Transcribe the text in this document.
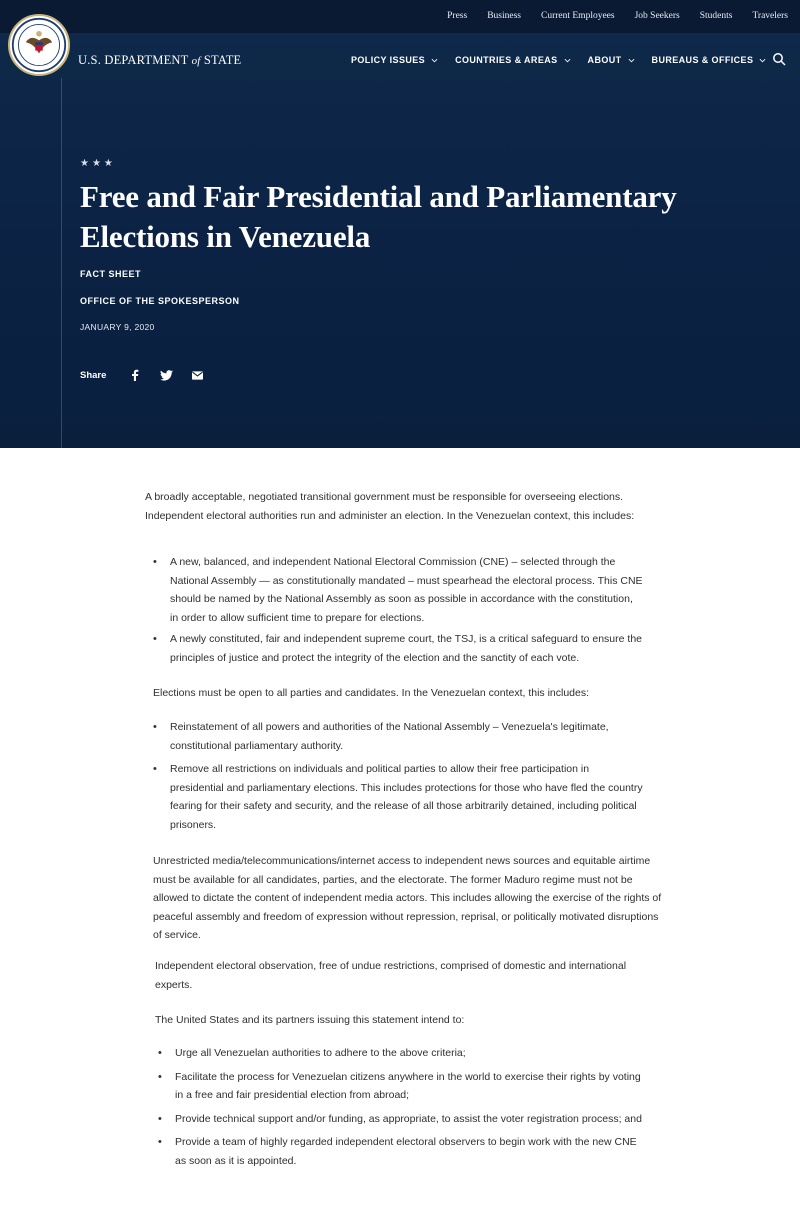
Press Business Current Employees Job Seekers Students Travelers
U.S. DEPARTMENT of STATE	POLICY ISSUES	COUNTRIES & AREAS	ABOUT	BUREAUS & OFFICES
★★★
Free and Fair Presidential and Parliamentary Elections in Venezuela
FACT SHEET
OFFICE OF THE SPOKESPERSON
JANUARY 9, 2020
Share

A broadly acceptable, negotiated transitional government must be responsible for overseeing elections. Independent electoral authorities run and administer an election. In the Venezuelan context, this includes:

• A new, balanced, and independent National Electoral Commission (CNE) – selected through the National Assembly — as constitutionally mandated – must spearhead the electoral process. This CNE should be named by the National Assembly as soon as possible in accordance with the constitution, in order to allow sufficient time to prepare for elections.
• A newly constituted, fair and independent supreme court, the TSJ, is a critical safeguard to ensure the principles of justice and protect the integrity of the election and the sanctity of each vote.

Elections must be open to all parties and candidates. In the Venezuelan context, this includes:

• Reinstatement of all powers and authorities of the National Assembly – Venezuela's legitimate, constitutional parliamentary authority.
• Remove all restrictions on individuals and political parties to allow their free participation in presidential and parliamentary elections. This includes protections for those who have fled the country fearing for their safety and security, and the release of all those arbitrarily detained, including political prisoners.

Unrestricted media/telecommunications/internet access to independent news sources and equitable airtime must be available for all candidates, parties, and the electorate. The former Maduro regime must not be allowed to dictate the content of independent media actors. This includes allowing the exercise of the rights of peaceful assembly and freedom of expression without repression, reprisal, or politically motivated disruptions of service.

Independent electoral observation, free of undue restrictions, comprised of domestic and international experts.

The United States and its partners issuing this statement intend to:

• Urge all Venezuelan authorities to adhere to the above criteria;
• Facilitate the process for Venezuelan citizens anywhere in the world to exercise their rights by voting in a free and fair presidential election from abroad;
• Provide technical support and/or funding, as appropriate, to assist the voter registration process; and
• Provide a team of highly regarded independent electoral observers to begin work with the new CNE as soon as it is appointed.
